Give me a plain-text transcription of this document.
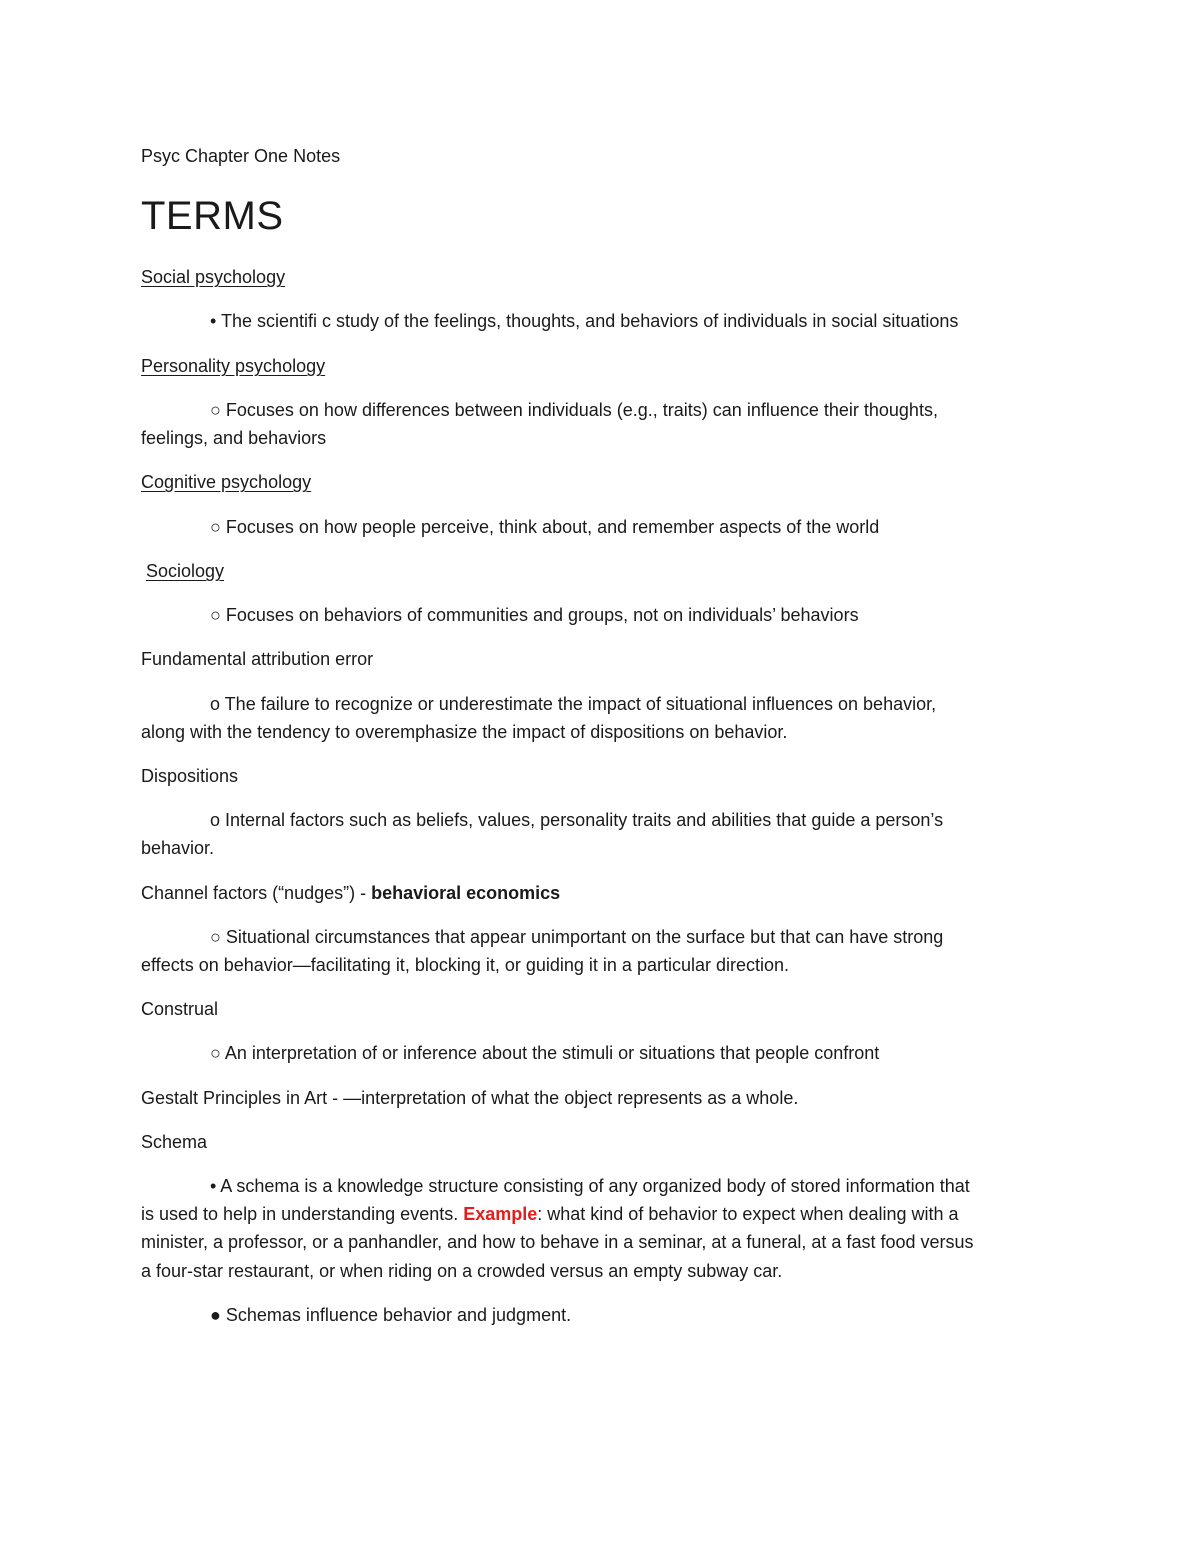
Psyc Chapter One Notes
TERMS
Social psychology
• The scientifi c study of the feelings, thoughts, and behaviors of individuals in social situations
Personality psychology
○ Focuses on how differences between individuals (e.g., traits) can influence their thoughts,
feelings, and behaviors
Cognitive psychology
○ Focuses on how people perceive, think about, and remember aspects of the world
Sociology
○ Focuses on behaviors of communities and groups, not on individuals’ behaviors
Fundamental attribution error
o The failure to recognize or underestimate the impact of situational influences on behavior,
along with the tendency to overemphasize the impact of dispositions on behavior.
Dispositions
o Internal factors such as beliefs, values, personality traits and abilities that guide a person’s
behavior.
Channel factors (“nudges”) - behavioral economics
○ Situational circumstances that appear unimportant on the surface but that can have strong
effects on behavior—facilitating it, blocking it, or guiding it in a particular direction.
Construal
○ An interpretation of or inference about the stimuli or situations that people confront
Gestalt Principles in Art - —interpretation of what the object represents as a whole.
Schema
• A schema is a knowledge structure consisting of any organized body of stored information that
is used to help in understanding events. Example: what kind of behavior to expect when dealing with a
minister, a professor, or a panhandler, and how to behave in a seminar, at a funeral, at a fast food versus
a four-star restaurant, or when riding on a crowded versus an empty subway car.
● Schemas influence behavior and judgment.
